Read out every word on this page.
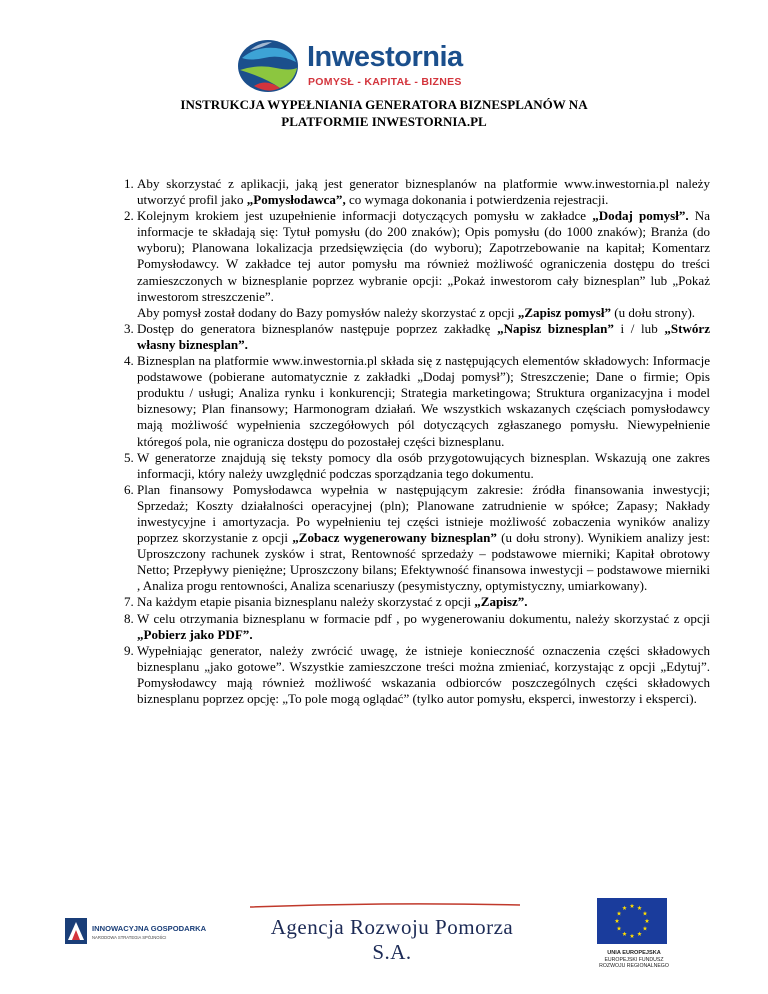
Inwestornia
POMYSŁ - KAPITAŁ - BIZNES
INSTRUKCJA WYPEŁNIANIA GENERATORA BIZNESPLANÓW NA
PLATFORMIE INWESTORNIA.PL
1. Aby skorzystać z aplikacji, jaką jest generator biznesplanów na platformie www.inwestornia.pl należy utworzyć profil jako „Pomysłodawca”, co wymaga dokonania i potwierdzenia rejestracji.
2. Kolejnym krokiem jest uzupełnienie informacji dotyczących pomysłu w zakładce „Dodaj pomysł”. Na informacje te składają się: Tytuł pomysłu (do 200 znaków); Opis pomysłu (do 1000 znaków); Branża (do wyboru); Planowana lokalizacja przedsięwzięcia (do wyboru); Zapotrzebowanie na kapitał; Komentarz Pomysłodawcy. W zakładce tej autor pomysłu ma również możliwość ograniczenia dostępu do treści zamieszczonych w biznesplanie poprzez wybranie opcji: „Pokaż inwestorom cały biznesplan” lub „Pokaż inwestorom streszczenie”.
Aby pomysł został dodany do Bazy pomysłów należy skorzystać z opcji „Zapisz pomysł” (u dołu strony).
3. Dostęp do generatora biznesplanów następuje poprzez zakładkę „Napisz biznesplan” i / lub „Stwórz własny biznesplan”.
4. Biznesplan na platformie www.inwestornia.pl składa się z następujących elementów składowych: Informacje podstawowe (pobierane automatycznie z zakładki „Dodaj pomysł”); Streszczenie; Dane o firmie; Opis produktu / usługi; Analiza rynku i konkurencji; Strategia marketingowa; Struktura organizacyjna i model biznesowy; Plan finansowy; Harmonogram działań. We wszystkich wskazanych częściach pomysłodawcy mają możliwość wypełnienia szczegółowych pól dotyczących zgłaszanego pomysłu. Niewypełnienie któregoś pola, nie ogranicza dostępu do pozostałej części biznesplanu.
5. W generatorze znajdują się teksty pomocy dla osób przygotowujących biznesplan. Wskazują one zakres informacji, który należy uwzględnić podczas sporządzania tego dokumentu.
6. Plan finansowy Pomysłodawca wypełnia w następującym zakresie: źródła finansowania inwestycji; Sprzedaż; Koszty działalności operacyjnej (pln); Planowane zatrudnienie w spółce; Zapasy; Nakłady inwestycyjne i amortyzacja. Po wypełnieniu tej części istnieje możliwość zobaczenia wyników analizy poprzez skorzystanie z opcji „Zobacz wygenerowany biznesplan” (u dołu strony). Wynikiem analizy jest: Uproszczony rachunek zysków i strat, Rentowność sprzedaży – podstawowe mierniki; Kapitał obrotowy Netto; Przepływy pieniężne; Uproszczony bilans; Efektywność finansowa inwestycji – podstawowe mierniki , Analiza progu rentowności, Analiza scenariuszy (pesymistyczny, optymistyczny, umiarkowany).
7. Na każdym etapie pisania biznesplanu należy skorzystać z opcji „Zapisz”.
8. W celu otrzymania biznesplanu w formacie pdf , po wygenerowaniu dokumentu, należy skorzystać z opcji „Pobierz jako PDF”.
9. Wypełniając generator, należy zwrócić uwagę, że istnieje konieczność oznaczenia części składowych biznesplanu „jako gotowe”. Wszystkie zamieszczone treści można zmieniać, korzystając z opcji „Edytuj”. Pomysłodawcy mają również możliwość wskazania odbiorców poszczególnych części składowych biznesplanu poprzez opcję: „To pole mogą oglądać” (tylko autor pomysłu, eksperci, inwestorzy i eksperci).
INNOWACYJNA GOSPODARKA
NARODOWA STRATEGIA SPÓJNOŚCI	Agencja Rozwoju Pomorza S.A.	UNIA EUROPEJSKA
EUROPEJSKI FUNDUSZ
ROZWOJU REGIONALNEGO
